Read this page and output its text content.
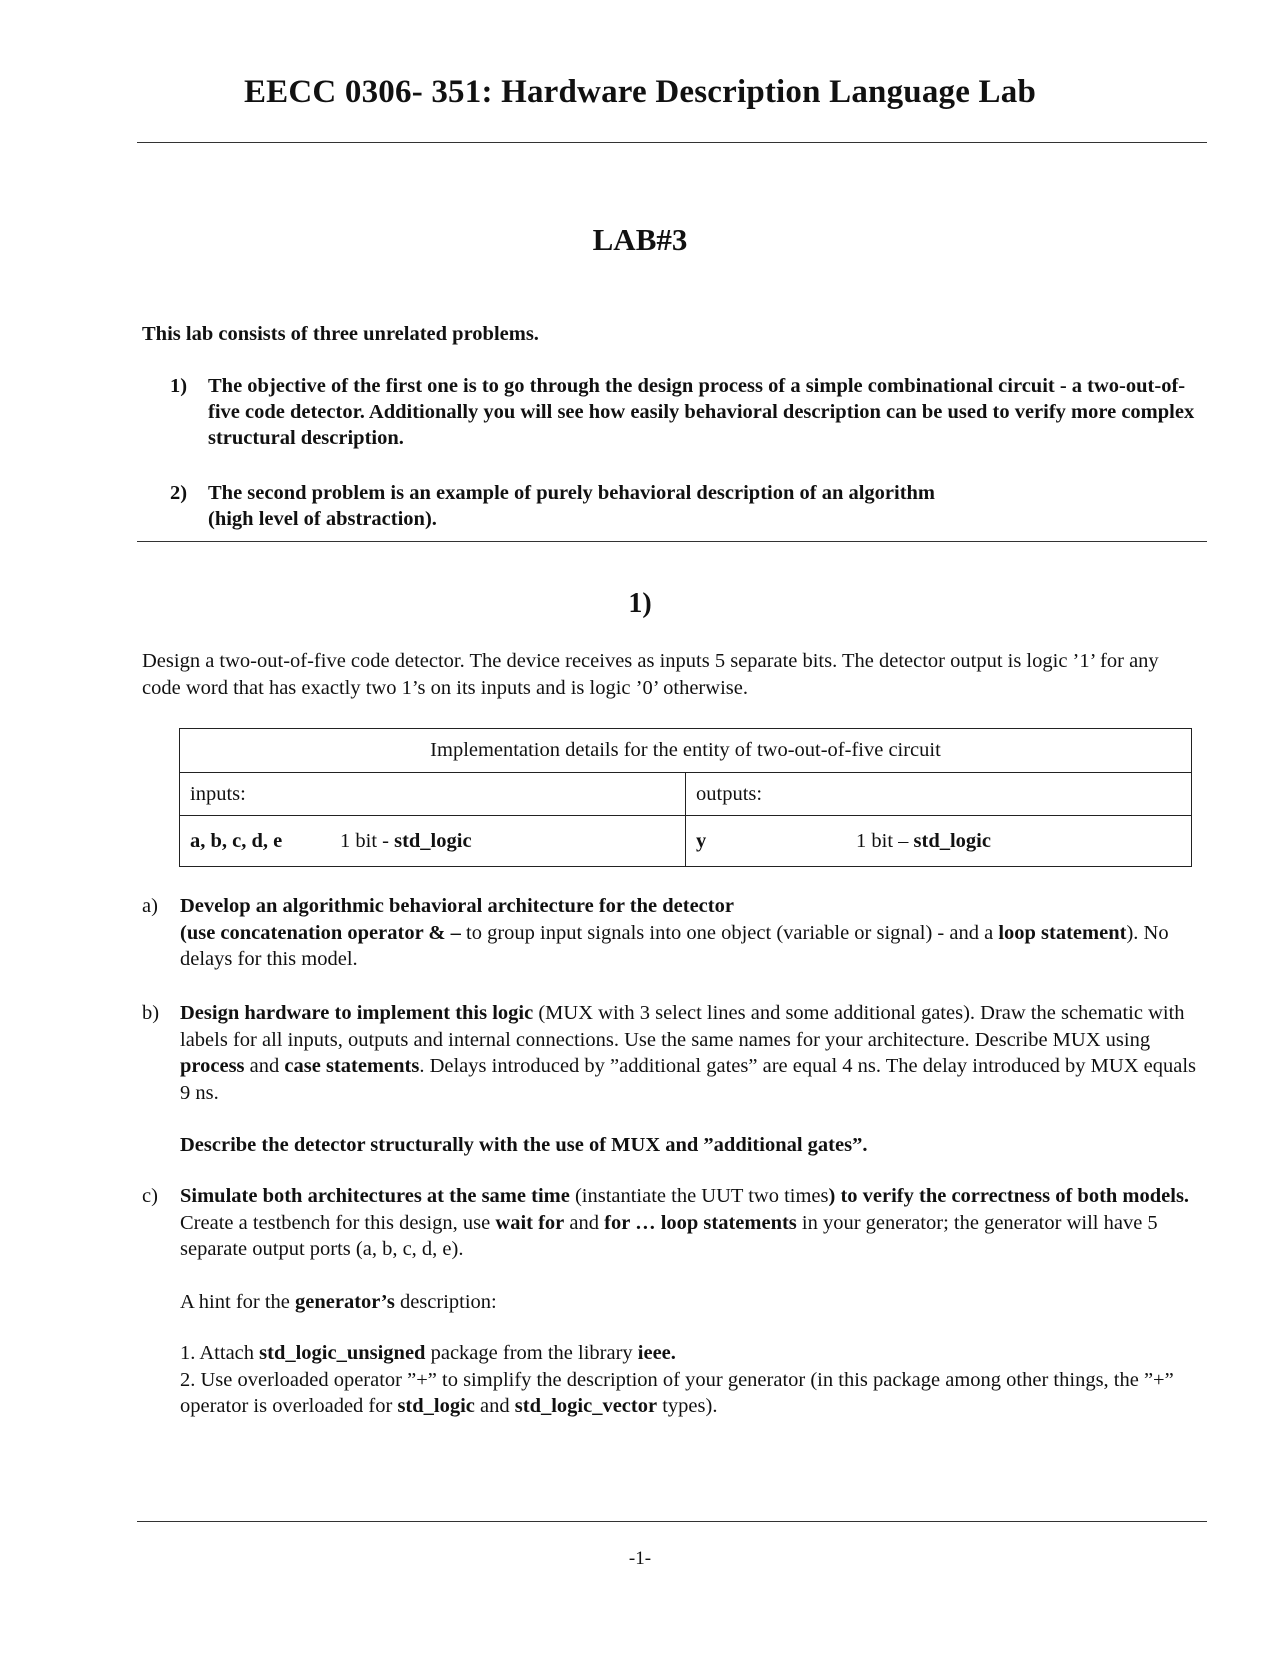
EECC 0306- 351: Hardware Description Language Lab
LAB#3
This lab consists of three unrelated problems.
1) The objective of the first one is to go through the design process of a simple combinational circuit - a two-out-of-five code detector. Additionally you will see how easily behavioral description can be used to verify more complex structural description.
2) The second problem is an example of purely behavioral description of an algorithm
(high level of abstraction).
1)
Design a two-out-of-five code detector. The device receives as inputs 5 separate bits. The detector output is logic ’1’ for any code word that has exactly two 1’s on its inputs and is logic ’0’ otherwise.
Implementation details for the entity of two-out-of-five circuit	
inputs:	outputs:
a, b, c, d, e 1 bit - std_logic	y 1 bit – std_logic
a) Develop an algorithmic behavioral architecture for the detector

(use concatenation operator & – to group input signals into one object (variable or signal) - and a loop statement). No delays for this model.

b) Design hardware to implement this logic (MUX with 3 select lines and some additional gates). Draw the schematic with labels for all inputs, outputs and internal connections. Use the same names for your architecture. Describe MUX using process and case statements. Delays introduced by ”additional gates” are equal 4 ns. The delay introduced by MUX equals 9 ns.

Describe the detector structurally with the use of MUX and ”additional gates”.

c) Simulate both architectures at the same time (instantiate the UUT two times) to verify the correctness of both models.

Create a testbench for this design, use wait for and for … loop statements in your generator; the generator will have 5 separate output ports (a, b, c, d, e).

A hint for the generator’s description:

1. Attach std_logic_unsigned package from the library ieee.

2. Use overloaded operator ”+” to simplify the description of your generator (in this package among other things, the ”+” operator is overloaded for std_logic and std_logic_vector types).

-1-
